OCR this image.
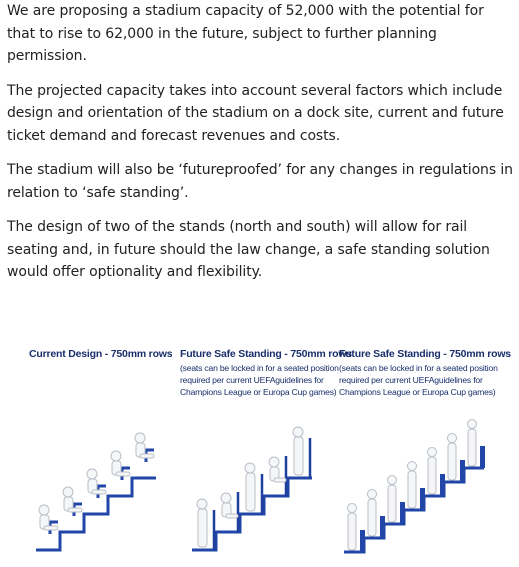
We are proposing a stadium capacity of 52,000 with the potential for that to rise to 62,000 in the future, subject to further planning permission.

The projected capacity takes into account several factors which include design and orientation of the stadium on a dock site, current and future ticket demand and forecast revenues and costs.

The stadium will also be ‘futureproofed’ for any changes in regulations in relation to ‘safe standing’.

The design of two of the stands (north and south) will allow for rail seating and, in future should the law change, a safe standing solution would offer optionality and flexibility.

Current Design - 750mm rows Future Safe Standing - 750mm rows
(seats can be locked in for a seated position
required per current UEFAguidelines for
Champions League or Europa Cup games)
Future Safe Standing - 750mm rows
(seats can be locked in for a seated position
required per current UEFAguidelines for
Champions League or Europa Cup games)
